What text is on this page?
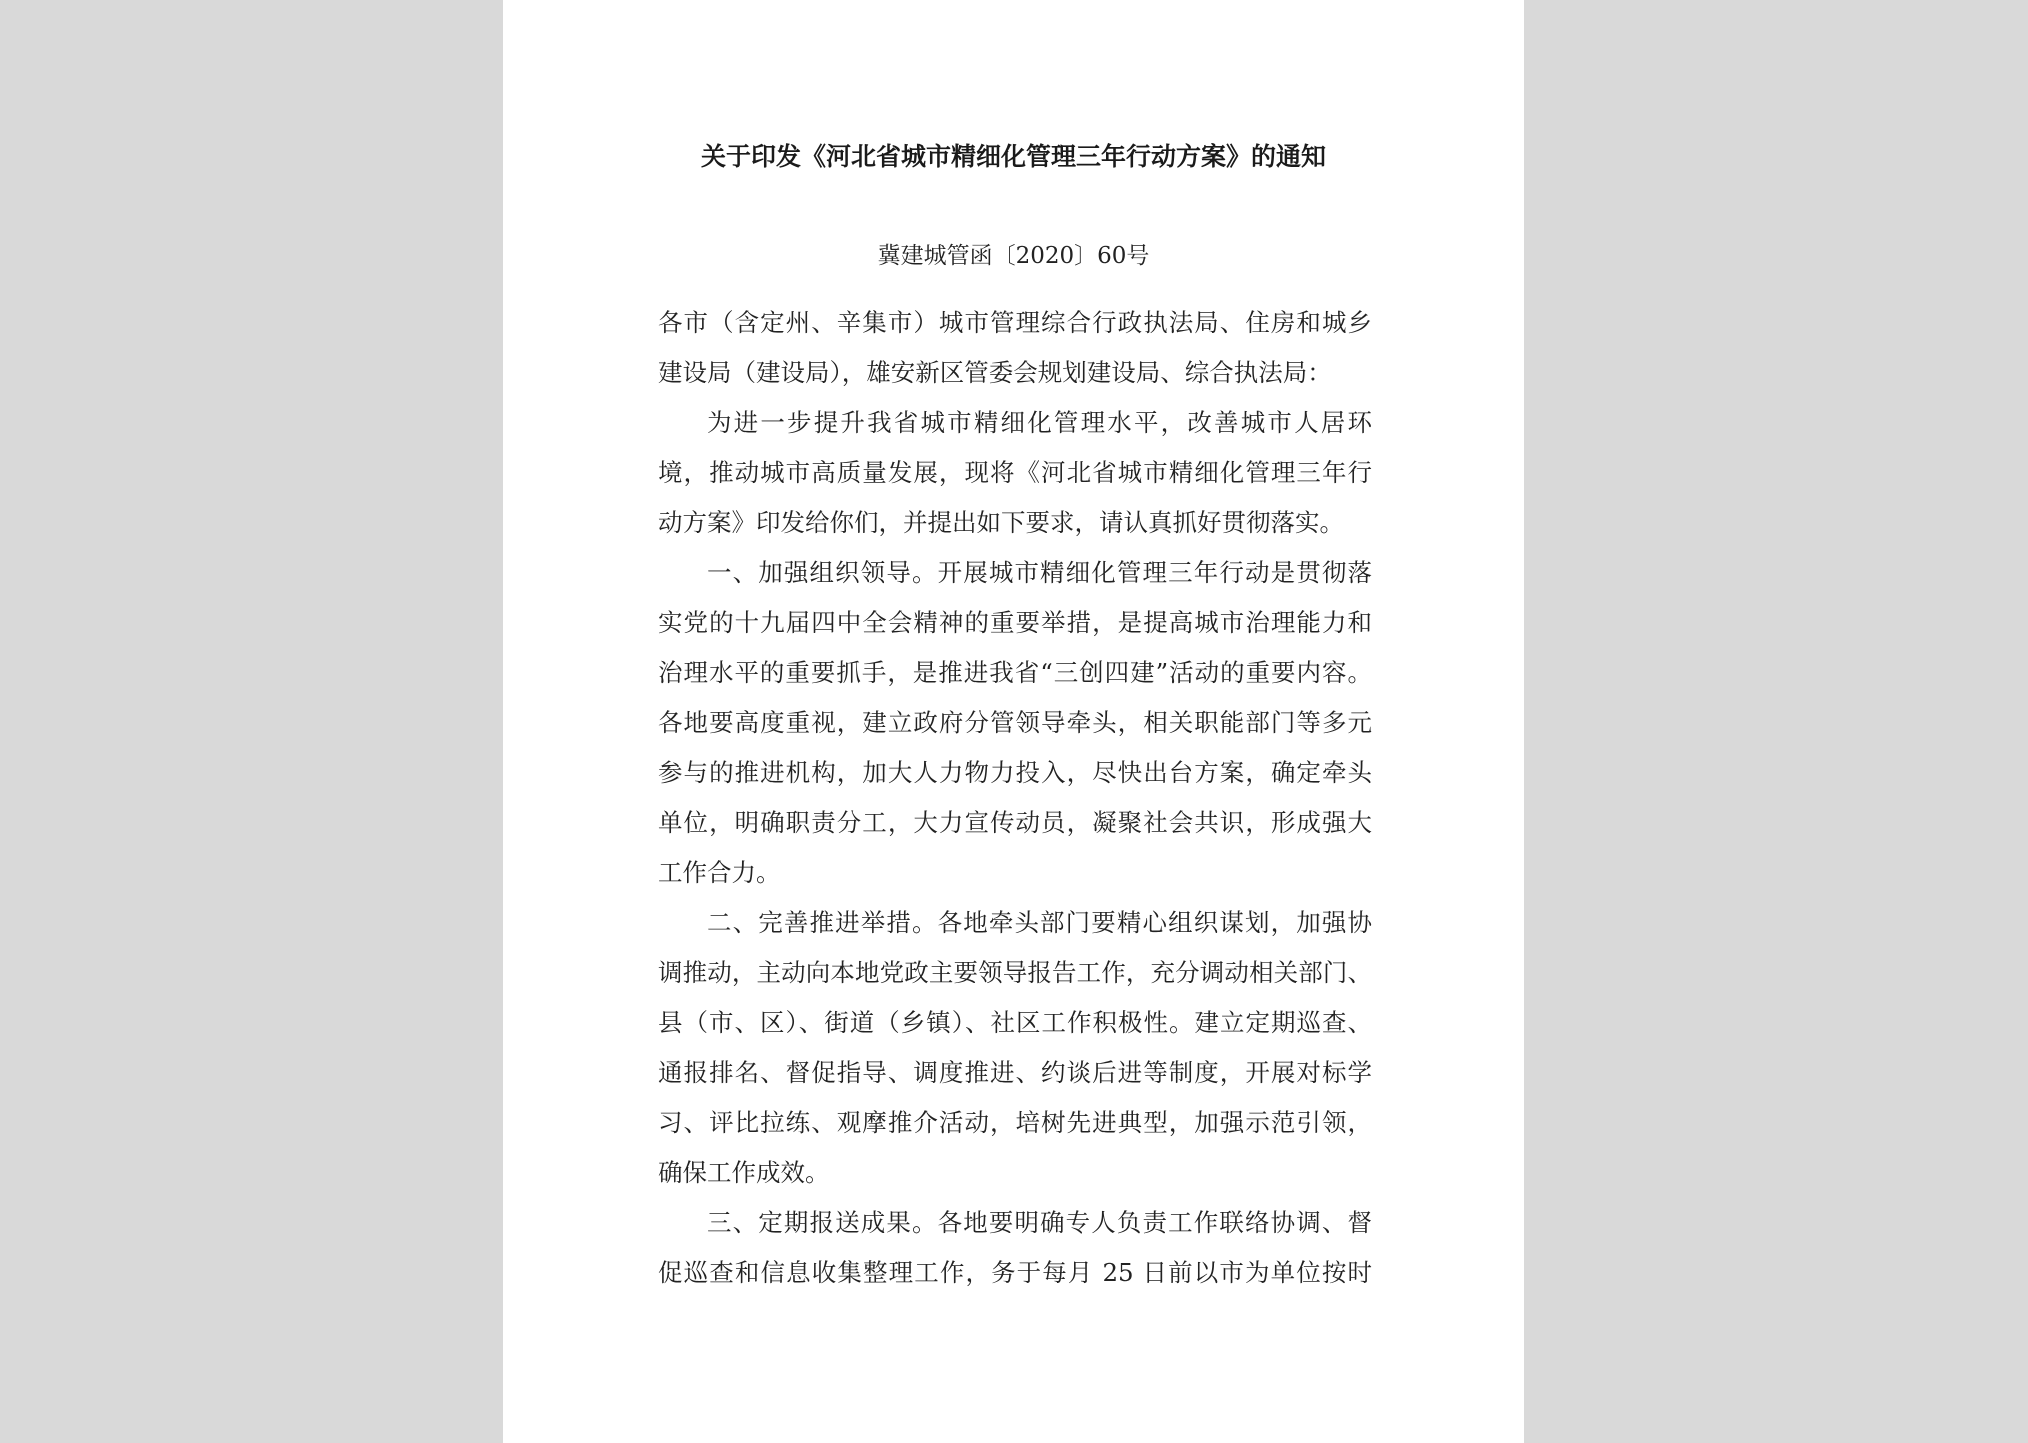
关于印发《河北省城市精细化管理三年行动方案》的通知
冀建城管函〔2020〕60号
各市（含定州、辛集市）城市管理综合行政执法局、住房和城乡
建设局（建设局），雄安新区管委会规划建设局、综合执法局：
为进一步提升我省城市精细化管理水平，改善城市人居环
境，推动城市高质量发展，现将《河北省城市精细化管理三年行
动方案》印发给你们，并提出如下要求，请认真抓好贯彻落实。
一、加强组织领导。开展城市精细化管理三年行动是贯彻落
实党的十九届四中全会精神的重要举措，是提高城市治理能力和
治理水平的重要抓手，是推进我省“三创四建”活动的重要内容。
各地要高度重视，建立政府分管领导牵头，相关职能部门等多元
参与的推进机构，加大人力物力投入，尽快出台方案，确定牵头
单位，明确职责分工，大力宣传动员，凝聚社会共识，形成强大
工作合力。
二、完善推进举措。各地牵头部门要精心组织谋划，加强协
调推动，主动向本地党政主要领导报告工作，充分调动相关部门、
县（市、区）、街道（乡镇）、社区工作积极性。建立定期巡查、
通报排名、督促指导、调度推进、约谈后进等制度，开展对标学
习、评比拉练、观摩推介活动，培树先进典型，加强示范引领，
确保工作成效。
三、定期报送成果。各地要明确专人负责工作联络协调、督
促巡查和信息收集整理工作，务于每月 25 日前以市为单位按时
